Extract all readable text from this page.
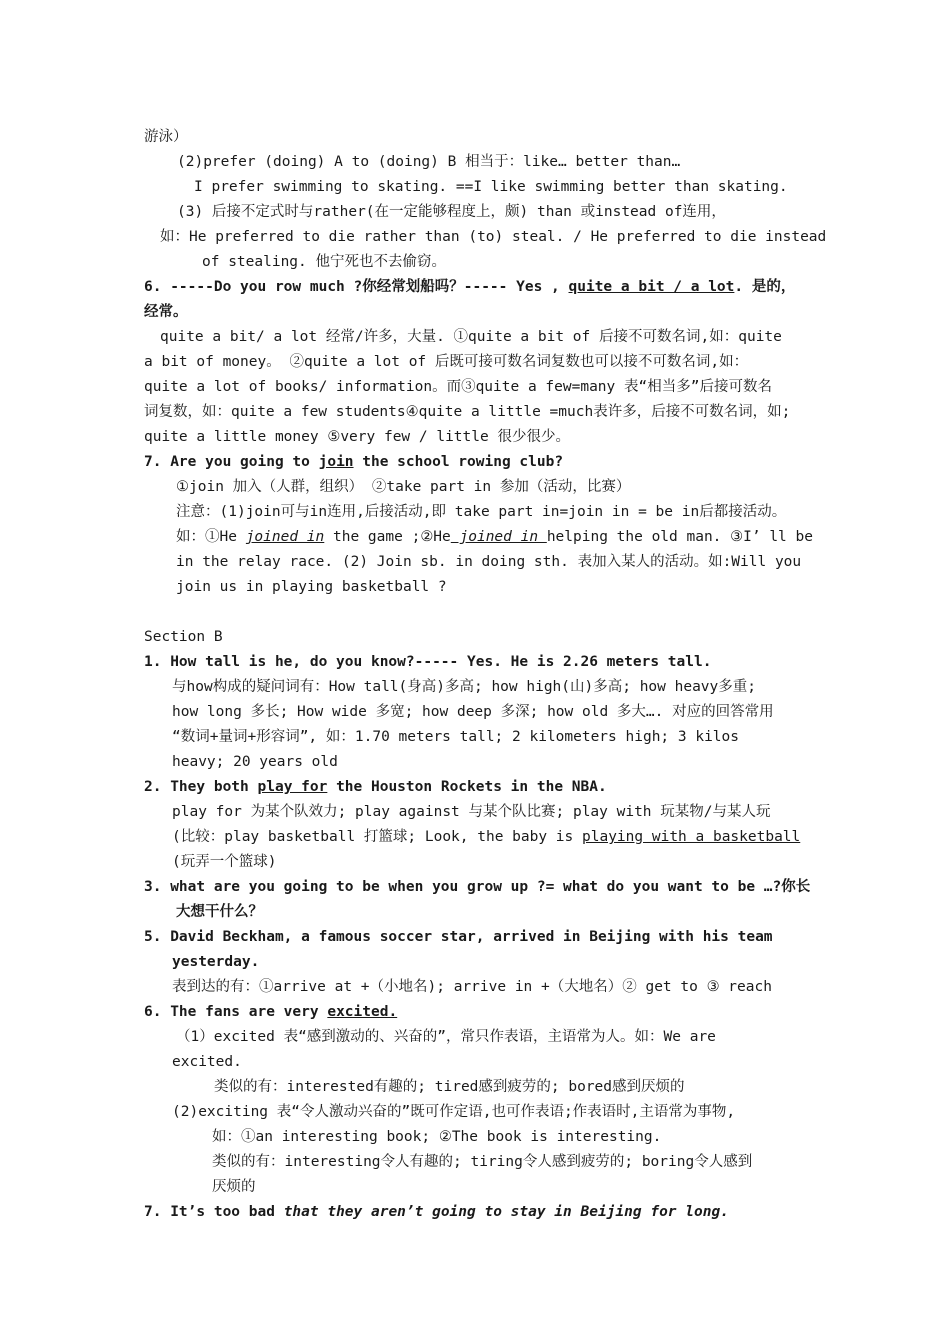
游泳）
(2)prefer (doing) A to (doing) B 相当于：like… better than…
I prefer swimming to skating. ==I like swimming better than skating.
(3) 后接不定式时与rather(在一定能够程度上，颇) than 或instead of连用，
如：He preferred to die rather than (to) steal. / He preferred to die instead
of stealing. 他宁死也不去偷窃。
6. -----Do you row much ?你经常划船吗？----- Yes , quite a bit / a lot. 是的，
经常。
quite a bit/ a lot 经常/许多，大量. ①quite a bit of 后接不可数名词,如：quite
a bit of money。 ②quite a lot of 后既可接可数名词复数也可以接不可数名词,如：
quite a lot of books/ information。而③quite a few=many 表“相当多”后接可数名
词复数，如：quite a few students④quite a little =much表许多，后接不可数名词，如;
quite a little money ⑤very few / little 很少很少。
7. Are you going to join the school rowing club?
①join 加入（人群，组织） ②take part in 参加（活动，比赛）
注意：(1)join可与in连用,后接活动,即 take part in=join in = be in后都接活动。
如：①He joined in the game ;②He joined in helping the old man. ③I’ ll be
in the relay race. (2) Join sb. in doing sth. 表加入某人的活动。如:Will you
join us in playing basketball ?
Section B
1. How tall is he, do you know?----- Yes. He is 2.26 meters tall.
与how构成的疑问词有：How tall(身高)多高; how high(山)多高; how heavy多重;
how long 多长; How wide 多宽; how deep 多深; how old 多大…. 对应的回答常用
“数词+量词+形容词”, 如：1.70 meters tall; 2 kilometers high; 3 kilos
heavy; 20 years old
2. They both play for the Houston Rockets in the NBA.
play for 为某个队效力; play against 与某个队比赛; play with 玩某物/与某人玩
(比较：play basketball 打篮球; Look, the baby is playing with a basketball
(玩弄一个篮球)
3. what are you going to be when you grow up ?= what do you want to be …?你长
大想干什么？
5. David Beckham, a famous soccer star, arrived in Beijing with his team
yesterday.
表到达的有：①arrive at +（小地名); arrive in +（大地名）② get to ③ reach
6. The fans are very excited.
（1）excited 表“感到激动的、兴奋的”，常只作表语，主语常为人。如：We are
excited.
类似的有：interested有趣的; tired感到疲劳的; bored感到厌烦的
(2)exciting 表“令人激动兴奋的”既可作定语,也可作表语;作表语时,主语常为事物,
如：①an interesting book; ②The book is interesting.
类似的有：interesting令人有趣的; tiring令人感到疲劳的; boring令人感到
厌烦的
7. It’s too bad that they aren’t going to stay in Beijing for long.
